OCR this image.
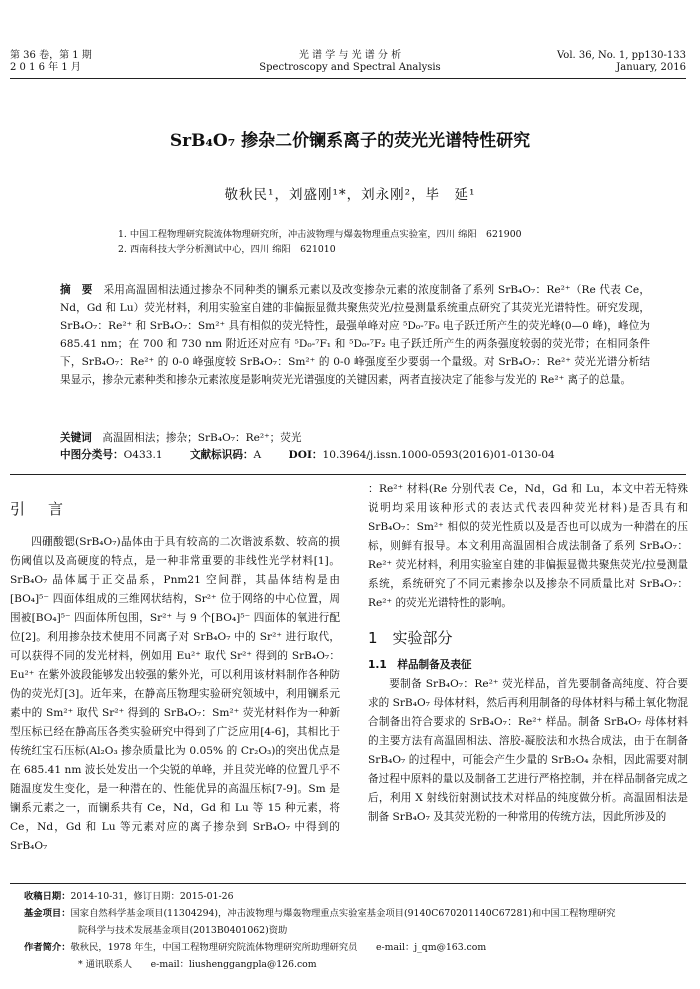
第 36 卷，第 1 期
2 0 1 6 年 1 月
光 谱 学 与 光 谱 分 析
Spectroscopy and Spectral Analysis
Vol. 36, No. 1, pp130-133
January, 2016
SrB₄O₇ 掺杂二价镧系离子的荧光光谱特性研究
敬秋民¹，刘盛刚¹*，刘永刚²，毕　延¹
1. 中国工程物理研究院流体物理研究所，冲击波物理与爆轰物理重点实验室，四川 绵阳　621900
2. 西南科技大学分析测试中心，四川 绵阳　621010
摘　要　 采用高温固相法通过掺杂不同种类的镧系元素以及改变掺杂元素的浓度制备了系列 SrB₄O₇：Re²⁺（Re 代表 Ce，Nd，Gd 和 Lu）荧光材料，利用实验室自建的非偏振显微共聚焦荧光/拉曼测量系统重点研究了其荧光光谱特性。研究发现，SrB₄O₇：Re²⁺ 和 SrB₄O₇：Sm²⁺ 具有相似的荧光特性，最强单峰对应 ⁵D₀-⁷F₀ 电子跃迁所产生的荧光峰(0—0 峰)，峰位为 685.41 nm；在 700 和 730 nm 附近还对应有 ⁵D₀-⁷F₁ 和 ⁵D₀-⁷F₂ 电子跃迁所产生的两条强度较弱的荧光带；在相同条件下，SrB₄O₇：Re²⁺ 的 0-0 峰强度较 SrB₄O₇：Sm²⁺ 的 0-0 峰强度至少要弱一个量级。对 SrB₄O₇：Re²⁺ 荧光光谱分析结果显示，掺杂元素种类和掺杂元素浓度是影响荧光光谱强度的关键因素，两者直接决定了能参与发光的 Re²⁺ 离子的总量。
关键词　 高温固相法；掺杂；SrB₄O₇：Re²⁺；荧光
中图分类号：O433.1	文献标识码：A	DOI：10.3964/j.issn.1000-0593(2016)01-0130-04
引　言

四硼酸锶(SrB₄O₇)晶体由于具有较高的二次谐波系数、较高的损伤阈值以及高硬度的特点，是一种非常重要的非线性光学材料[1]。SrB₄O₇ 晶体属于正交晶系，Pnm21 空间群，其晶体结构是由[BO₄]⁵⁻ 四面体组成的三维网状结构，Sr²⁺ 位于网络的中心位置，周围被[BO₄]⁵⁻ 四面体所包围，Sr²⁺ 与 9 个[BO₄]⁵⁻ 四面体的氧进行配位[2]。利用掺杂技术使用不同离子对 SrB₄O₇ 中的 Sr²⁺ 进行取代，可以获得不同的发光材料，例如用 Eu²⁺ 取代 Sr²⁺ 得到的 SrB₄O₇：Eu²⁺ 在紫外波段能够发出较强的紫外光，可以利用该材料制作各种防伪的荧光灯[3]。近年来，在静高压物理实验研究领域中，利用镧系元素中的 Sm²⁺ 取代 Sr²⁺ 得到的 SrB₄O₇：Sm²⁺ 荧光材料作为一种新型压标已经在静高压各类实验研究中得到了广泛应用[4-6]，其相比于传统红宝石压标(Al₂O₃ 掺杂质量比为 0.05% 的 Cr₂O₃)的突出优点是在 685.41 nm 波长处发出一个尖锐的单峰，并且荧光峰的位置几乎不随温度发生变化，是一种潜在的、性能优异的高温压标[7-9]。Sm 是镧系元素之一，而镧系共有 Ce，Nd，Gd 和 Lu 等 15 种元素，将 Ce，Nd，Gd 和 Lu 等元素对应的离子掺杂到 SrB₄O₇ 中得到的 SrB₄O₇

：Re²⁺ 材料(Re 分别代表 Ce，Nd，Gd 和 Lu，本文中若无特殊说明均采用该种形式的表达式代表四种荧光材料)是否具有和 SrB₄O₇：Sm²⁺ 相似的荧光性质以及是否也可以成为一种潜在的压标，则鲜有报导。本文利用高温固相合成法制备了系列 SrB₄O₇：Re²⁺ 荧光材料，利用实验室自建的非偏振显微共聚焦荧光/拉曼测量系统，系统研究了不同元素掺杂以及掺杂不同质量比对 SrB₄O₇：Re²⁺ 的荧光光谱特性的影响。

1　实验部分
1.1　样品制备及表征

要制备 SrB₄O₇：Re²⁺ 荧光样品，首先要制备高纯度、符合要求的 SrB₄O₇ 母体材料，然后再利用制备的母体材料与稀土氧化物混合制备出符合要求的 SrB₄O₇：Re²⁺ 样品。制备 SrB₄O₇ 母体材料的主要方法有高温固相法、溶胶-凝胶法和水热合成法，由于在制备 SrB₄O₇ 的过程中，可能会产生少量的 SrB₂O₄ 杂相，因此需要对制备过程中原料的量以及制备工艺进行严格控制，并在样品制备完成之后，利用 X 射线衍射测试技术对样品的纯度做分析。高温固相法是制备 SrB₄O₇ 及其荧光粉的一种常用的传统方法，因此所涉及的

收稿日期：2014-10-31，修订日期：2015-01-26
基金项目：国家自然科学基金项目(11304294)，冲击波物理与爆轰物理重点实验室基金项目(9140C670201140C67281)和中国工程物理研究
院科学与技术发展基金项目(2013B0401062)资助
作者简介：敬秋民，1978 年生，中国工程物理研究院流体物理研究所助理研究员　　e-mail：j_qm@163.com
* 通讯联系人　　e-mail：liushenggangpla@126.com
